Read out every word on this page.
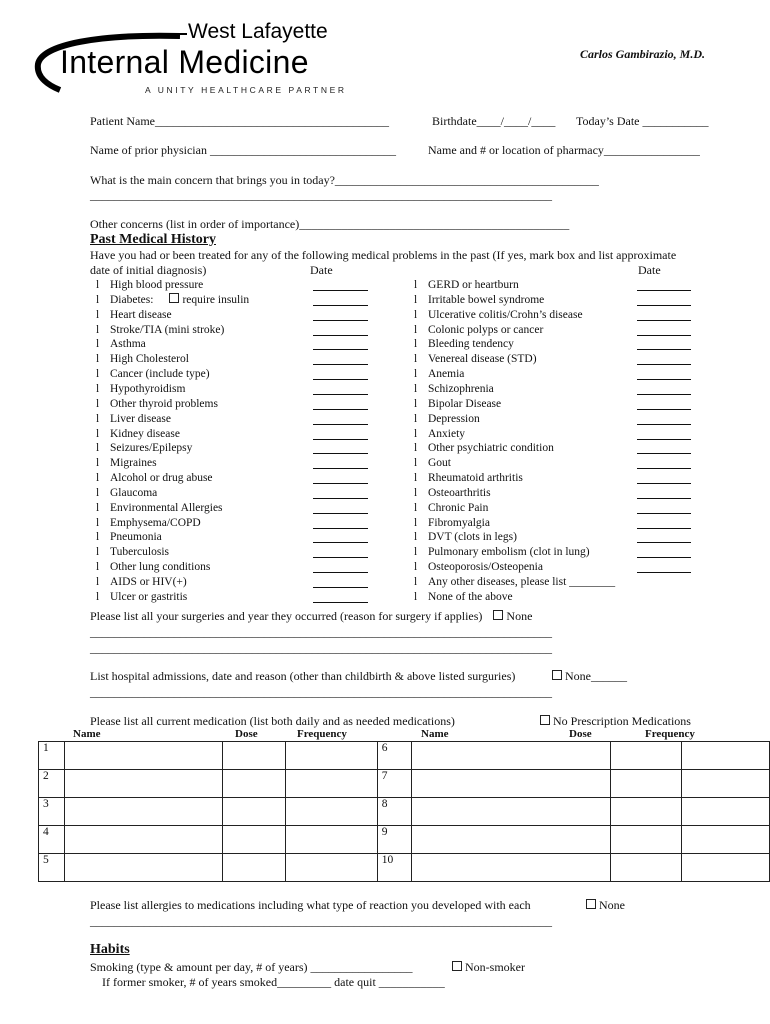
West Lafayette
Internal Medicine
A UNITY HEALTHCARE PARTNER
Carlos Gambirazio, M.D.
Patient Name_______________________________________	Birthdate____/____/____ Today’s Date ___________
Name of prior physician _______________________________	Name and # or location of pharmacy________________
What is the main concern that brings you in today?____________________________________________
_____________________________________________________________________________
Other concerns (list in order of importance)_____________________________________________
Past Medical History
Have you had or been treated for any of the following medical problems in the past (If yes, mark box and list approximate
date of initial diagnosis)	Date	Date
l High blood pressure
l Diabetes:	require insulin
l Heart disease
l Stroke/TIA (mini stroke)
l Asthma
l High Cholesterol
l Cancer (include type)
l Hypothyroidism
l Other thyroid problems
l Liver disease
l Kidney disease
l Seizures/Epilepsy
l Migraines
l Alcohol or drug abuse
l Glaucoma
l Environmental Allergies
l Emphysema/COPD
l Pneumonia
l Tuberculosis
l Other lung conditions
l AIDS or HIV(+)
l Ulcer or gastritis
l GERD or heartburn
l Irritable bowel syndrome
l Ulcerative colitis/Crohn’s disease
l Colonic polyps or cancer
l Bleeding tendency
l Venereal disease (STD)
l Anemia
l Schizophrenia
l Bipolar Disease
l Depression
l Anxiety
l Other psychiatric condition
l Gout
l Rheumatoid arthritis
l Osteoarthritis
l Chronic Pain
l Fibromyalgia
l DVT (clots in legs)
l Pulmonary embolism (clot in lung)
l Osteoporosis/Osteopenia
l Any other diseases, please list ________
l None of the above
Please list all your surgeries and year they occurred (reason for surgery if applies) None
_____________________________________________________________________________
_____________________________________________________________________________
List hospital admissions, date and reason (other than childbirth & above listed surguries)	None______
_____________________________________________________________________________
Please list all current medication (list both daily and as needed medications)	No Prescription Medications
Name	Dose	Frequency	Name	Dose	Frequency
1				6			
2				7			
3				8			
4				9			
5				10			
Please list allergies to medications including what type of reaction you developed with each	None
_____________________________________________________________________________
Habits
Smoking (type & amount per day, # of years) _________________	Non-smoker
If former smoker, # of years smoked_________ date quit ___________
